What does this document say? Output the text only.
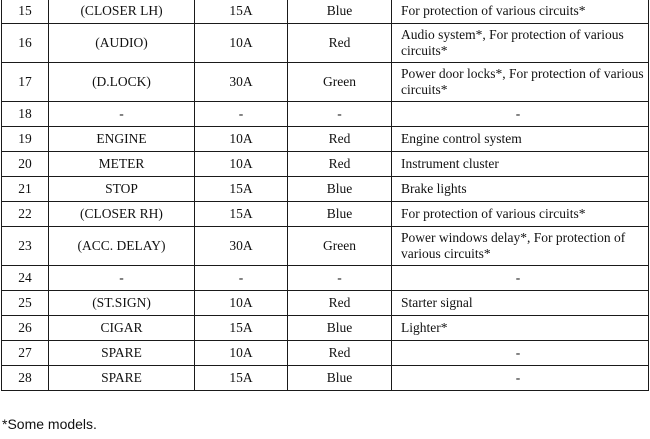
15	(CLOSER LH)	15A	Blue	For protection of various circuits*
16	(AUDIO)	10A	Red	Audio system*, For protection of various circuits*
17	(D.LOCK)	30A	Green	Power door locks*, For protection of various circuits*
18	-	-	-	-
19	ENGINE	10A	Red	Engine control system
20	METER	10A	Red	Instrument cluster
21	STOP	15A	Blue	Brake lights
22	(CLOSER RH)	15A	Blue	For protection of various circuits*
23	(ACC. DELAY)	30A	Green	Power windows delay*, For protection of various circuits*
24	-	-	-	-
25	(ST.SIGN)	10A	Red	Starter signal
26	CIGAR	15A	Blue	Lighter*
27	SPARE	10A	Red	-
28	SPARE	15A	Blue	-
*Some models.
